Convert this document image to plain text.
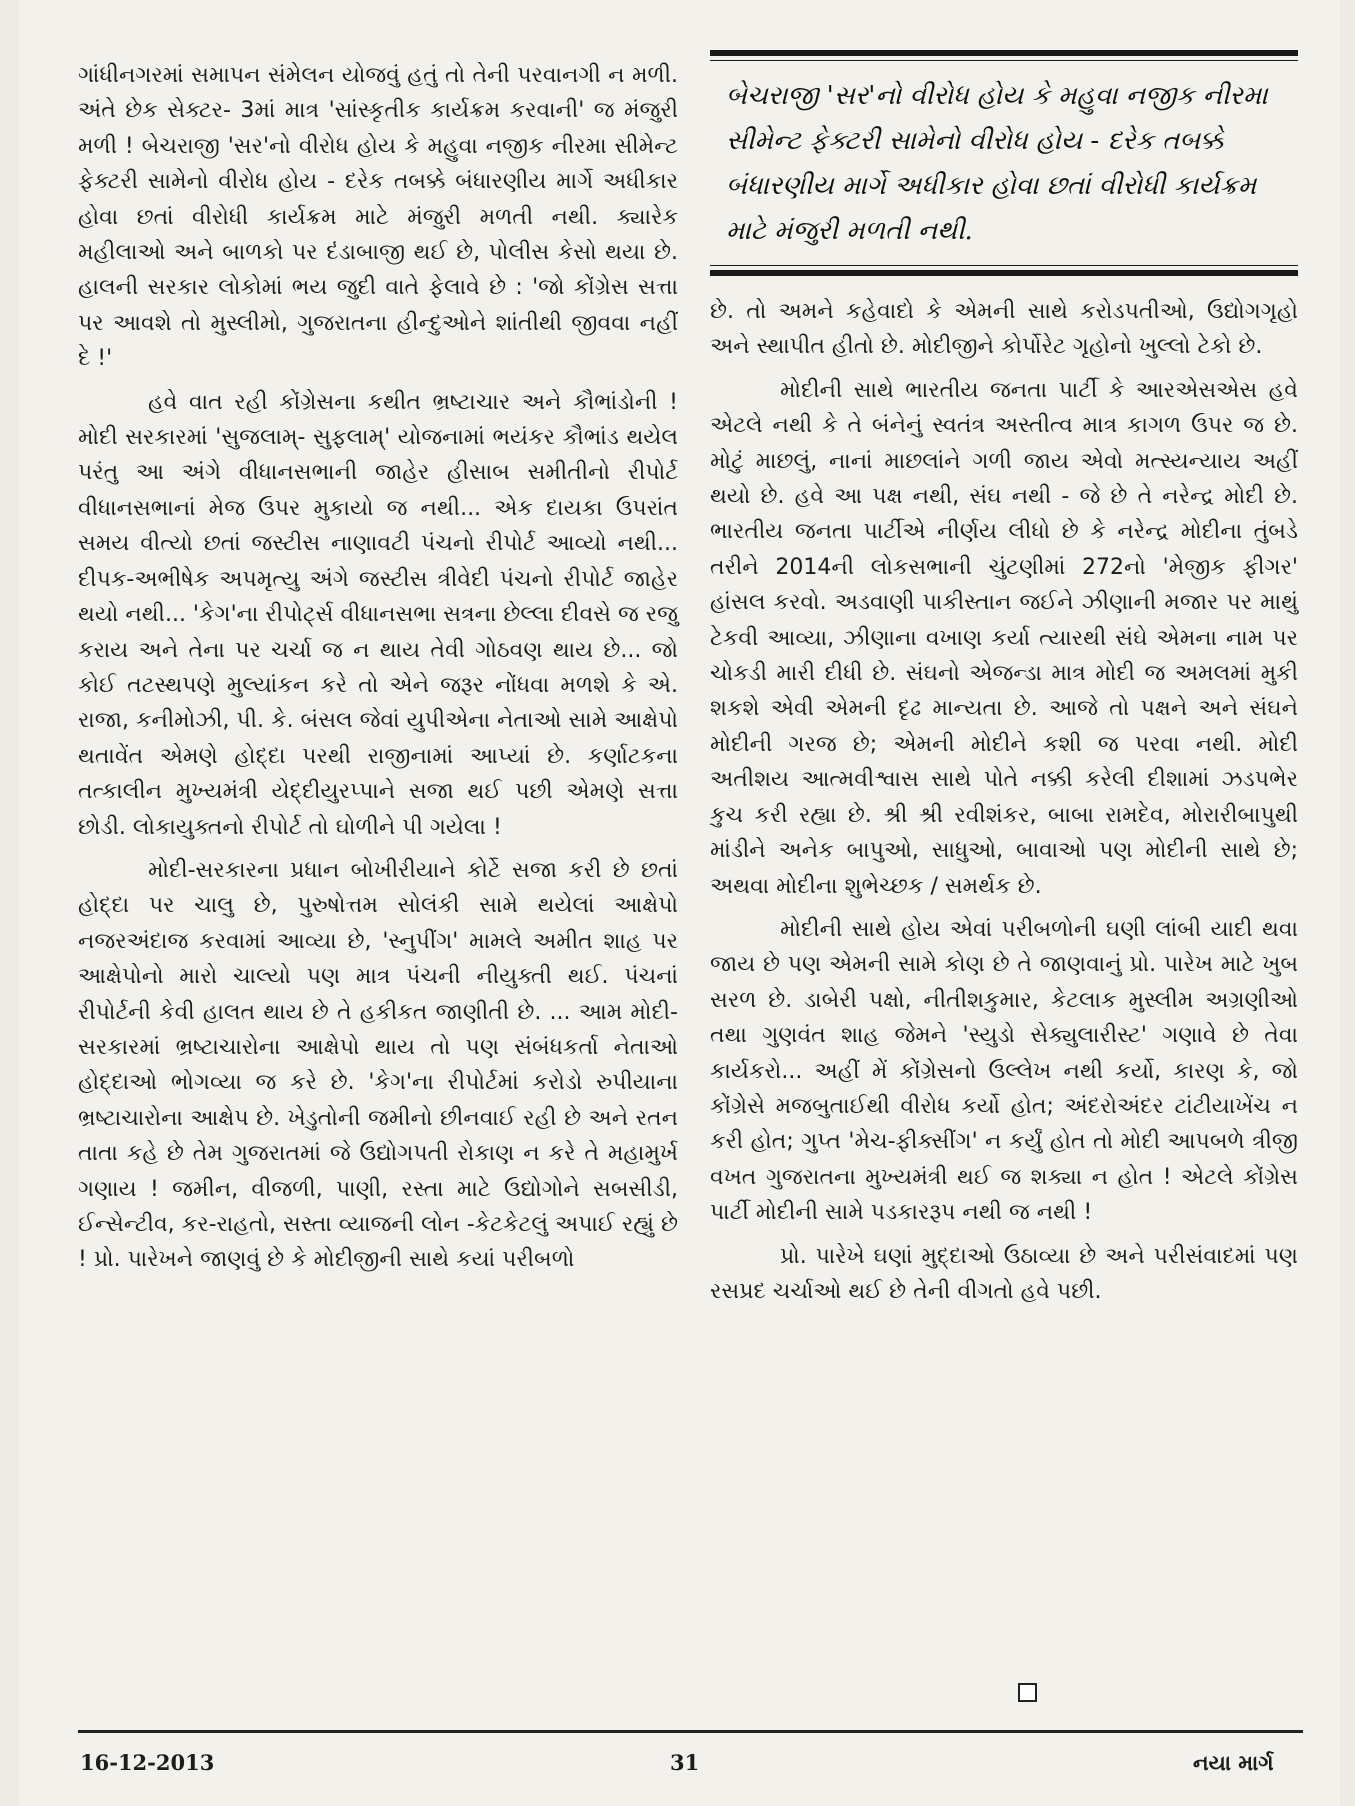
ગાંધીનગરમાં સમાપન સંમેલન યોજવું હતું તો તેની પરવાનગી ન મળી. અંતે છેક સેક્ટર- 3માં માત્ર 'સાંસ્કૃતીક કાર્યક્રમ કરવાની' જ મંજુરી મળી ! બેચરાજી 'સર'નો વીરોધ હોય કે મહુવા નજીક નીરમા સીમેન્ટ ફેક્ટરી સામેનો વીરોધ હોય - દરેક તબક્કે બંધારણીય માર્ગે અધીકાર હોવા છતાં વીરોધી કાર્યક્રમ માટે મંજુરી મળતી નથી. ક્યારેક મહીલાઓ અને બાળકો પર દંડાબાજી થઈ છે, પોલીસ કેસો થયા છે. હાલની સરકાર લોકોમાં ભય જુદી વાતે ફેલાવે છે : 'જો કોંગ્રેસ સત્તા પર આવશે તો મુસ્લીમો, ગુજરાતના હીન્દુઓને શાંતીથી જીવવા નહીં દે !'

હવે વાત રહી કોંગ્રેસના કથીત ભ્રષ્ટાચાર અને કૌભાંડોની ! મોદી સરકારમાં 'સુજલામ્- સુફલામ્' યોજનામાં ભયંકર કૌભાંડ થયેલ પરંતુ આ અંગે વીધાનસભાની જાહેર હીસાબ સમીતીનો રીપોર્ટ વીધાનસભાનાં મેજ ઉપર મુકાયો જ નથી... એક દાયકા ઉપરાંત સમય વીત્યો છતાં જસ્ટીસ નાણાવટી પંચનો રીપોર્ટ આવ્યો નથી... દીપક-અભીષેક અપમૃત્યુ અંગે જસ્ટીસ ત્રીવેદી પંચનો રીપોર્ટ જાહેર થયો નથી... 'કેગ'ના રીપોર્ટ્સ વીધાનસભા સત્રના છેલ્લા દીવસે જ રજુ કરાય અને તેના પર ચર્ચા જ ન થાય તેવી ગોઠવણ થાય છે... જો કોઈ તટસ્થપણે મુલ્યાંકન કરે તો એને જરૂર નોંધવા મળશે કે એ. રાજા, કનીમોઝી, પી. કે. બંસલ જેવાં યુપીએના નેતાઓ સામે આક્ષેપો થતાવેંત એમણે હોદ્દા પરથી રાજીનામાં આપ્યાં છે. કર્ણાટકના તત્કાલીન મુખ્યમંત્રી યેદ્દીયુરપ્પાને સજા થઈ પછી એમણે સત્તા છોડી. લોકાયુક્તનો રીપોર્ટ તો ઘોળીને પી ગયેલા !

મોદી-સરકારના પ્રધાન બોખીરીયાને કોર્ટે સજા કરી છે છતાં હોદ્દા પર ચાલુ છે, પુરુષોત્તમ સોલંકી સામે થયેલાં આક્ષેપો નજરઅંદાજ કરવામાં આવ્યા છે, 'સ્નુપીંગ' મામલે અમીત શાહ પર આક્ષેપોનો મારો ચાલ્યો પણ માત્ર પંચની નીયુક્તી થઈ. પંચનાં રીપોર્ટની કેવી હાલત થાય છે તે હકીકત જાણીતી છે. ... આમ મોદી-સરકારમાં ભ્રષ્ટાચારોના આક્ષેપો થાય તો પણ સંબંધકર્તા નેતાઓ હોદ્દાઓ ભોગવ્યા જ કરે છે. 'કેગ'ના રીપોર્ટમાં કરોડો રુપીયાના ભ્રષ્ટાચારોના આક્ષેપ છે. ખેડુતોની જમીનો છીનવાઈ રહી છે અને રતન તાતા કહે છે તેમ ગુજરાતમાં જે ઉદ્યોગપતી રોકાણ ન કરે તે મહામુર્ખ ગણાય ! જમીન, વીજળી, પાણી, રસ્તા માટે ઉદ્યોગોને સબસીડી, ઈન્સેન્ટીવ, કર-રાહતો, સસ્તા વ્યાજની લોન -કેટકેટલું અપાઈ રહ્યું છે ! પ્રો. પારેખને જાણવું છે કે મોદીજીની સાથે કયાં પરીબળો

બેચરાજી 'સર'નો વીરોધ હોય કે મહુવા નજીક નીરમા સીમેન્ટ ફેક્ટરી સામેનો વીરોધ હોય - દરેક તબક્કે બંધારણીય માર્ગે અધીકાર હોવા છતાં વીરોધી કાર્યક્રમ માટે મંજુરી મળતી નથી.

છે. તો અમને કહેવાદો કે એમની સાથે કરોડપતીઓ, ઉદ્યોગગૃહો અને સ્થાપીત હીતો છે. મોદીજીને કોર્પોરેટ ગૃહોનો ખુલ્લો ટેકો છે.

મોદીની સાથે ભારતીય જનતા પાર્ટી કે આરએસએસ હવે એટલે નથી કે તે બંનેનું સ્વતંત્ર અસ્તીત્વ માત્ર કાગળ ઉપર જ છે. મોટું માછલું, નાનાં માછલાંને ગળી જાય એવો મત્સ્યન્યાય અહીં થયો છે. હવે આ પક્ષ નથી, સંઘ નથી - જે છે તે નરેન્દ્ર મોદી છે. ભારતીય જનતા પાર્ટીએ નીર્ણય લીધો છે કે નરેન્દ્ર મોદીના તુંબડે તરીને 2014ની લોકસભાની ચુંટણીમાં 272નો 'મેજીક ફીગર' હાંસલ કરવો. અડવાણી પાકીસ્તાન જઈને ઝીણાની મજાર પર માથું ટેકવી આવ્યા, ઝીણાના વખાણ કર્યા ત્યારથી સંઘે એમના નામ પર ચોકડી મારી દીધી છે. સંઘનો એજન્ડા માત્ર મોદી જ અમલમાં મુકી શકશે એવી એમની દૃઢ માન્યતા છે. આજે તો પક્ષને અને સંઘને મોદીની ગરજ છે; એમની મોદીને કશી જ પરવા નથી. મોદી અતીશય આત્મવીશ્વાસ સાથે પોતે નક્કી કરેલી દીશામાં ઝડપભેર કુચ કરી રહ્યા છે. શ્રી શ્રી રવીશંકર, બાબા રામદેવ, મોરારીબાપુથી માંડીને અનેક બાપુઓ, સાધુઓ, બાવાઓ પણ મોદીની સાથે છે; અથવા મોદીના શુભેચ્છક / સમર્થક છે.

મોદીની સાથે હોય એવાં પરીબળોની ઘણી લાંબી યાદી થવા જાય છે પણ એમની સામે કોણ છે તે જાણવાનું પ્રો. પારેખ માટે ખુબ સરળ છે. ડાબેરી પક્ષો, નીતીશકુમાર, કેટલાક મુસ્લીમ અગ્રણીઓ તથા ગુણવંત શાહ જેમને 'સ્યુડો સેક્યુલારીસ્ટ' ગણાવે છે તેવા કાર્યકરો... અહીં મેં કોંગ્રેસનો ઉલ્લેખ નથી કર્યો, કારણ કે, જો કોંગ્રેસે મજબુતાઈથી વીરોધ કર્યો હોત; અંદરોઅંદર ટાંટીયાખેંચ ન કરી હોત; ગુપ્ત 'મેચ-ફીક્સીંગ' ન કર્યું હોત તો મોદી આપબળે ત્રીજી વખત ગુજરાતના મુખ્યમંત્રી થઈ જ શક્યા ન હોત ! એટલે કોંગ્રેસ પાર્ટી મોદીની સામે પડકારરૂપ નથી જ નથી !

પ્રો. પારેખે ઘણાં મુદ્દાઓ ઉઠાવ્યા છે અને પરીસંવાદમાં પણ રસપ્રદ ચર્ચાઓ થઈ છે તેની વીગતો હવે પછી.

16-12-2013	31	નયા માર્ગ
